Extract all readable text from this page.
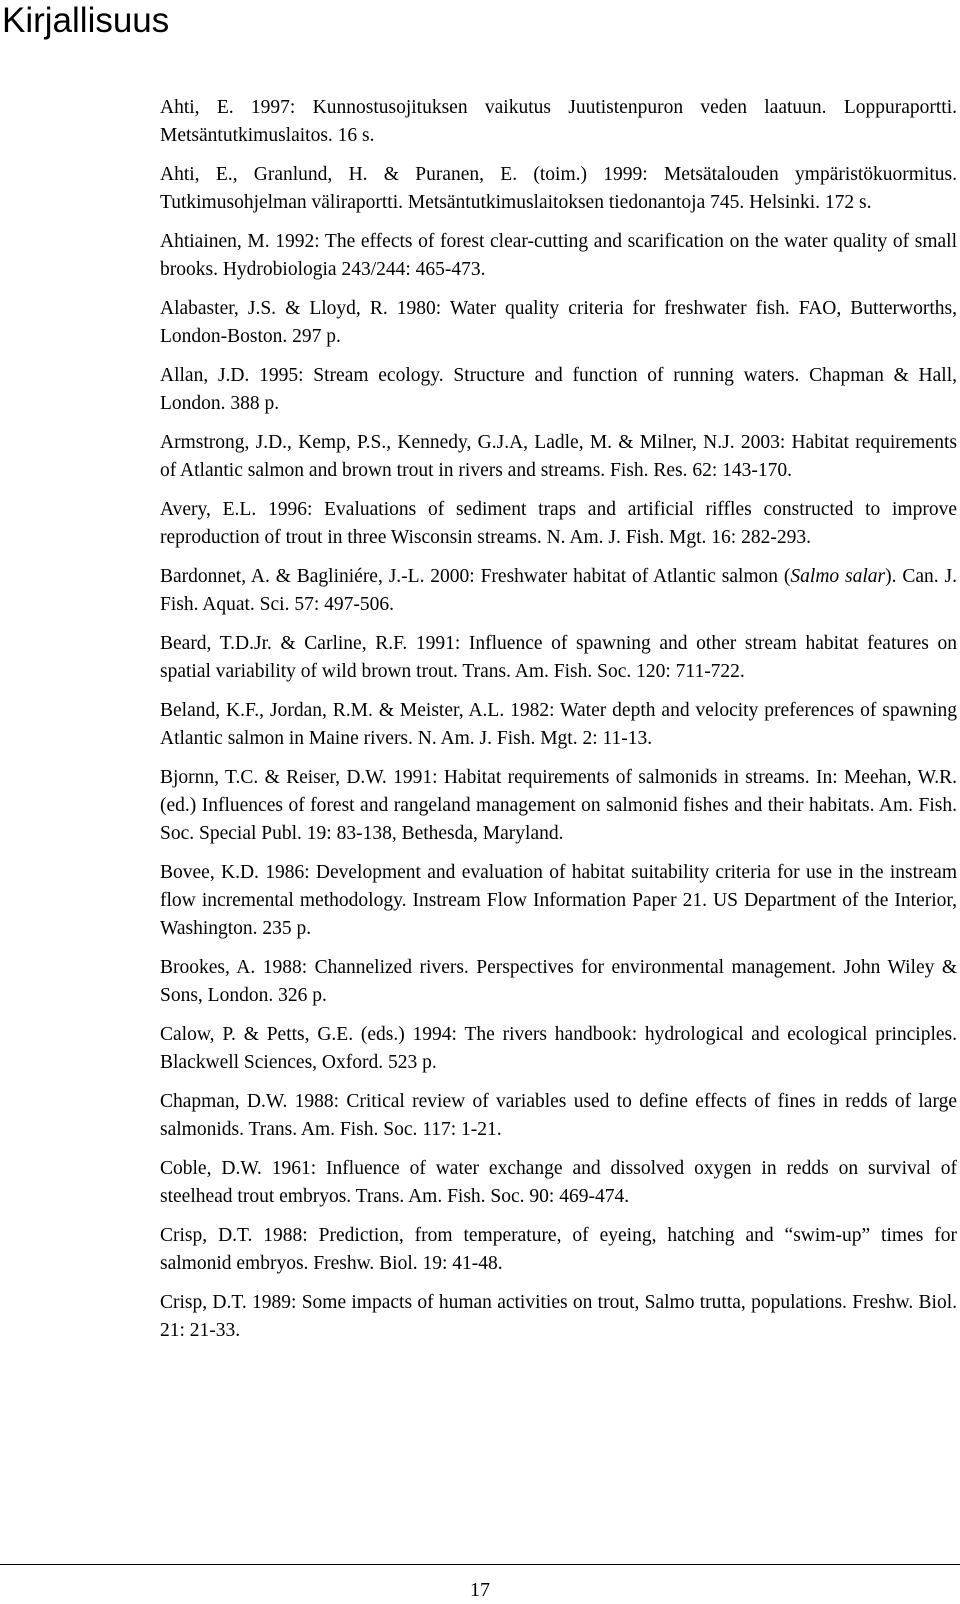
Kirjallisuus
Ahti, E. 1997: Kunnostusojituksen vaikutus Juutistenpuron veden laatuun. Loppuraportti. Metsäntutkimuslaitos. 16 s.
Ahti, E., Granlund, H. & Puranen, E. (toim.) 1999: Metsätalouden ympäristökuormitus. Tutkimusohjelman väliraportti. Metsäntutkimuslaitoksen tiedonantoja 745. Helsinki. 172 s.
Ahtiainen, M. 1992: The effects of forest clear-cutting and scarification on the water quality of small brooks. Hydrobiologia 243/244: 465-473.
Alabaster, J.S. & Lloyd, R. 1980: Water quality criteria for freshwater fish. FAO, Butterworths, London-Boston. 297 p.
Allan, J.D. 1995: Stream ecology. Structure and function of running waters. Chapman & Hall, London. 388 p.
Armstrong, J.D., Kemp, P.S., Kennedy, G.J.A, Ladle, M. & Milner, N.J. 2003: Habitat requirements of Atlantic salmon and brown trout in rivers and streams. Fish. Res. 62: 143-170.
Avery, E.L. 1996: Evaluations of sediment traps and artificial riffles constructed to improve reproduction of trout in three Wisconsin streams. N. Am. J. Fish. Mgt. 16: 282-293.
Bardonnet, A. & Bagliniére, J.-L. 2000: Freshwater habitat of Atlantic salmon (Salmo salar). Can. J. Fish. Aquat. Sci. 57: 497-506.
Beard, T.D.Jr. & Carline, R.F. 1991: Influence of spawning and other stream habitat features on spatial variability of wild brown trout. Trans. Am. Fish. Soc. 120: 711-722.
Beland, K.F., Jordan, R.M. & Meister, A.L. 1982: Water depth and velocity preferences of spawning Atlantic salmon in Maine rivers. N. Am. J. Fish. Mgt. 2: 11-13.
Bjornn, T.C. & Reiser, D.W. 1991: Habitat requirements of salmonids in streams. In: Meehan, W.R. (ed.) Influences of forest and rangeland management on salmonid fishes and their habitats. Am. Fish. Soc. Special Publ. 19: 83-138, Bethesda, Maryland.
Bovee, K.D. 1986: Development and evaluation of habitat suitability criteria for use in the instream flow incremental methodology. Instream Flow Information Paper 21. US Department of the Interior, Washington. 235 p.
Brookes, A. 1988: Channelized rivers. Perspectives for environmental management. John Wiley & Sons, London. 326 p.
Calow, P. & Petts, G.E. (eds.) 1994: The rivers handbook: hydrological and ecological principles. Blackwell Sciences, Oxford. 523 p.
Chapman, D.W. 1988: Critical review of variables used to define effects of fines in redds of large salmonids. Trans. Am. Fish. Soc. 117: 1-21.
Coble, D.W. 1961: Influence of water exchange and dissolved oxygen in redds on survival of steelhead trout embryos. Trans. Am. Fish. Soc. 90: 469-474.
Crisp, D.T. 1988: Prediction, from temperature, of eyeing, hatching and “swim-up” times for salmonid embryos. Freshw. Biol. 19: 41-48.
Crisp, D.T. 1989: Some impacts of human activities on trout, Salmo trutta, populations. Freshw. Biol. 21: 21-33.
17
